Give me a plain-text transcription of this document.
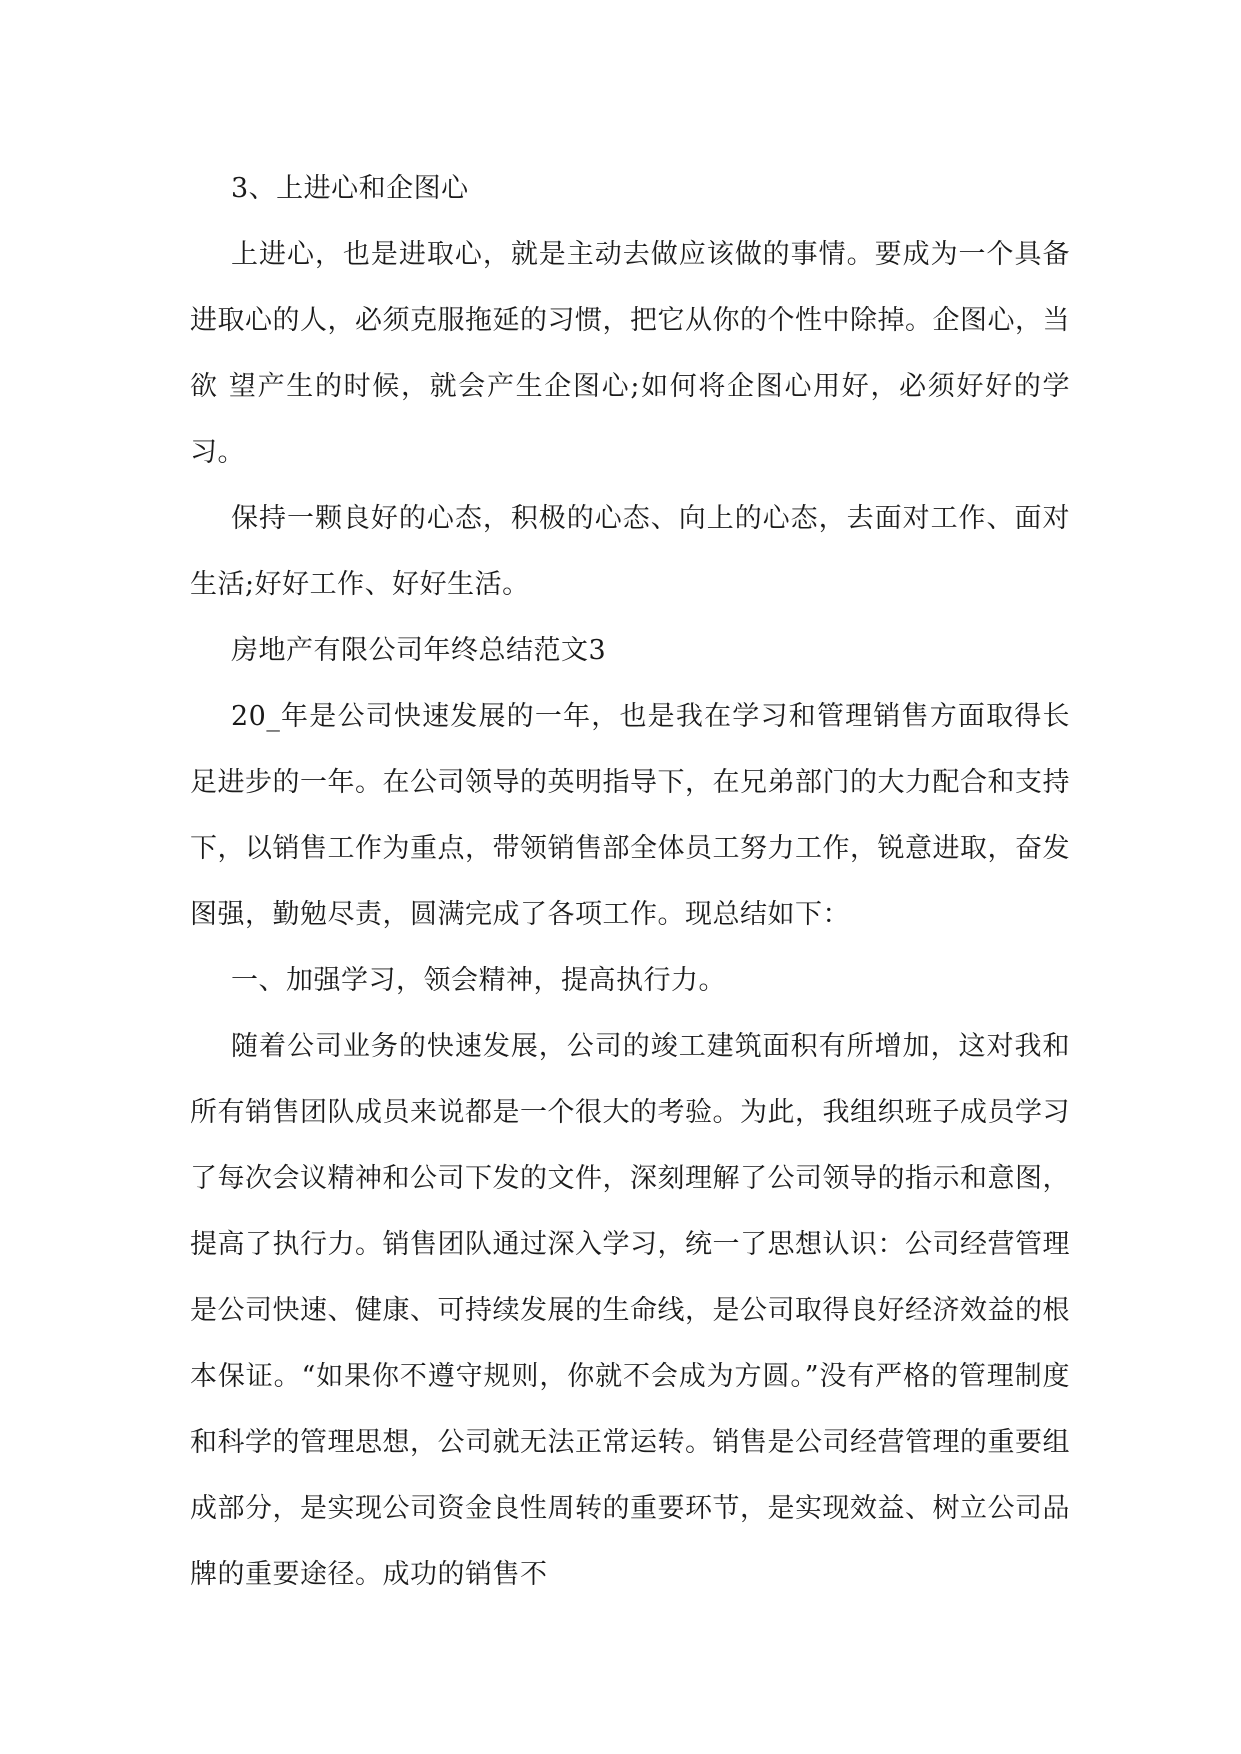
3、上进心和企图心

上进心，也是进取心，就是主动去做应该做的事情。要成为一个具备进取心的人，必须克服拖延的习惯，把它从你的个性中除掉。企图心，当欲 望产生的时候，就会产生企图心;如何将企图心用好，必须好好的学习。

保持一颗良好的心态，积极的心态、向上的心态，去面对工作、面对生活;好好工作、好好生活。

房地产有限公司年终总结范文3

20_年是公司快速发展的一年，也是我在学习和管理销售方面取得长足进步的一年。在公司领导的英明指导下，在兄弟部门的大力配合和支持下，以销售工作为重点，带领销售部全体员工努力工作，锐意进取，奋发图强，勤勉尽责，圆满完成了各项工作。现总结如下：

一、加强学习，领会精神，提高执行力。

随着公司业务的快速发展，公司的竣工建筑面积有所增加，这对我和所有销售团队成员来说都是一个很大的考验。为此，我组织班子成员学习了每次会议精神和公司下发的文件，深刻理解了公司领导的指示和意图，提高了执行力。销售团队通过深入学习，统一了思想认识：公司经营管理是公司快速、健康、可持续发展的生命线，是公司取得良好经济效益的根本保证。“如果你不遵守规则，你就不会成为方圆。”没有严格的管理制度和科学的管理思想，公司就无法正常运转。销售是公司经营管理的重要组成部分，是实现公司资金良性周转的重要环节，是实现效益、树立公司品牌的重要途径。成功的销售不
